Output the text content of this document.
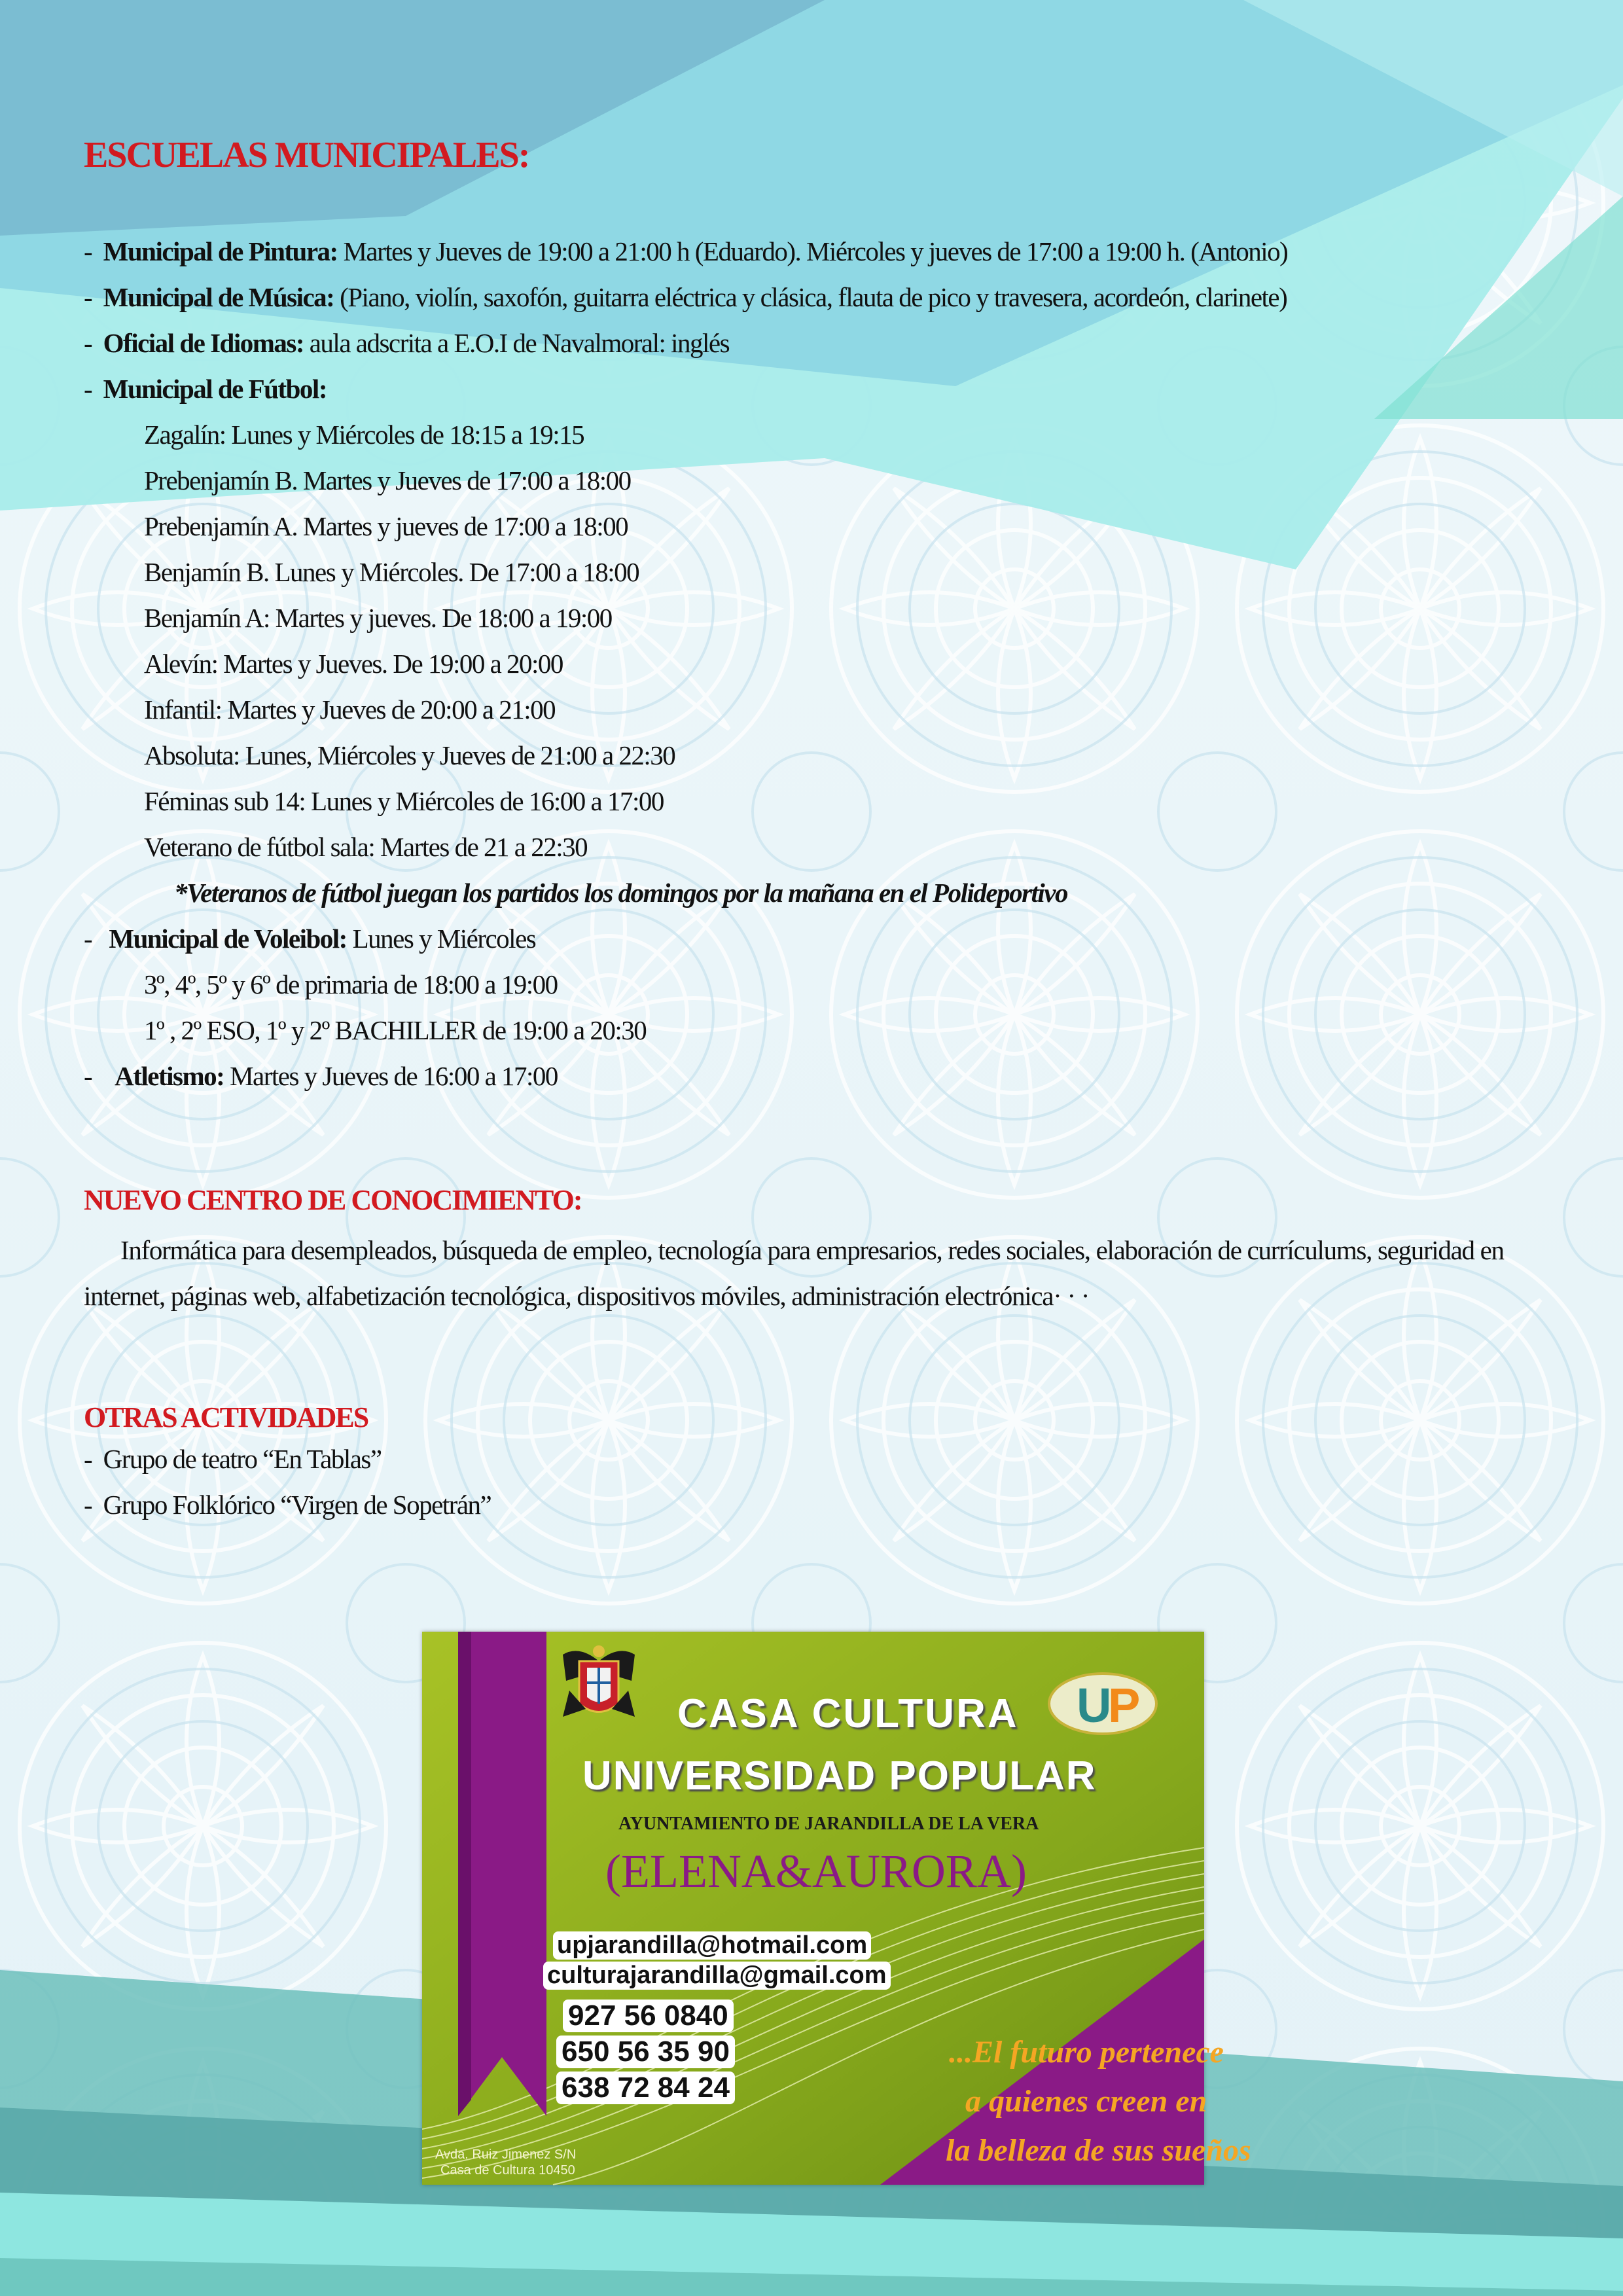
ESCUELAS MUNICIPALES:
- Municipal de Pintura: Martes y Jueves de 19:00 a 21:00 h (Eduardo). Miércoles y jueves de 17:00 a 19:00 h. (Antonio)
- Municipal de Música: (Piano, violín, saxofón, guitarra eléctrica y clásica, flauta de pico y travesera, acordeón, clarinete)
- Oficial de Idiomas: aula adscrita a E.O.I de Navalmoral: inglés
- Municipal de Fútbol:
Zagalín: Lunes y Miércoles de 18:15 a 19:15
Prebenjamín B. Martes y Jueves de 17:00 a 18:00
Prebenjamín A. Martes y jueves de 17:00 a 18:00
Benjamín B. Lunes y Miércoles. De 17:00 a 18:00
Benjamín A: Martes y jueves. De 18:00 a 19:00
Alevín: Martes y Jueves. De 19:00 a 20:00
Infantil: Martes y Jueves de 20:00 a 21:00
Absoluta: Lunes, Miércoles y Jueves de 21:00 a 22:30
Féminas sub 14: Lunes y Miércoles de 16:00 a 17:00
Veterano de fútbol sala: Martes de 21 a 22:30
*Veteranos de fútbol juegan los partidos los domingos por la mañana en el Polideportivo
- Municipal de Voleibol: Lunes y Miércoles
3º, 4º, 5º y 6º de primaria de 18:00 a 19:00
1º , 2º ESO, 1º y 2º BACHILLER de 19:00 a 20:30
- Atletismo: Martes y Jueves de 16:00 a 17:00
NUEVO CENTRO DE CONOCIMIENTO:
Informática para desempleados, búsqueda de empleo, tecnología para empresarios, redes sociales, elaboración de currículums, seguridad en internet, páginas web, alfabetización tecnológica, dispositivos móviles, administración electrónica· · ·
OTRAS ACTIVIDADES
- Grupo de teatro “En Tablas”
- Grupo Folklórico “Virgen de Sopetrán”
U
P
CASA CULTURA
UNIVERSIDAD POPULAR
AYUNTAMIENTO DE JARANDILLA DE LA VERA
(ELENA&AURORA)
upjarandilla@hotmail.com
culturajarandilla@gmail.com
927 56 0840
650 56 35 90
638 72 84 24
...El futuro pertenece
a quienes creen en
la belleza de sus sueños
Avda. Ruiz Jimenez S/N
Casa de Cultura 10450
